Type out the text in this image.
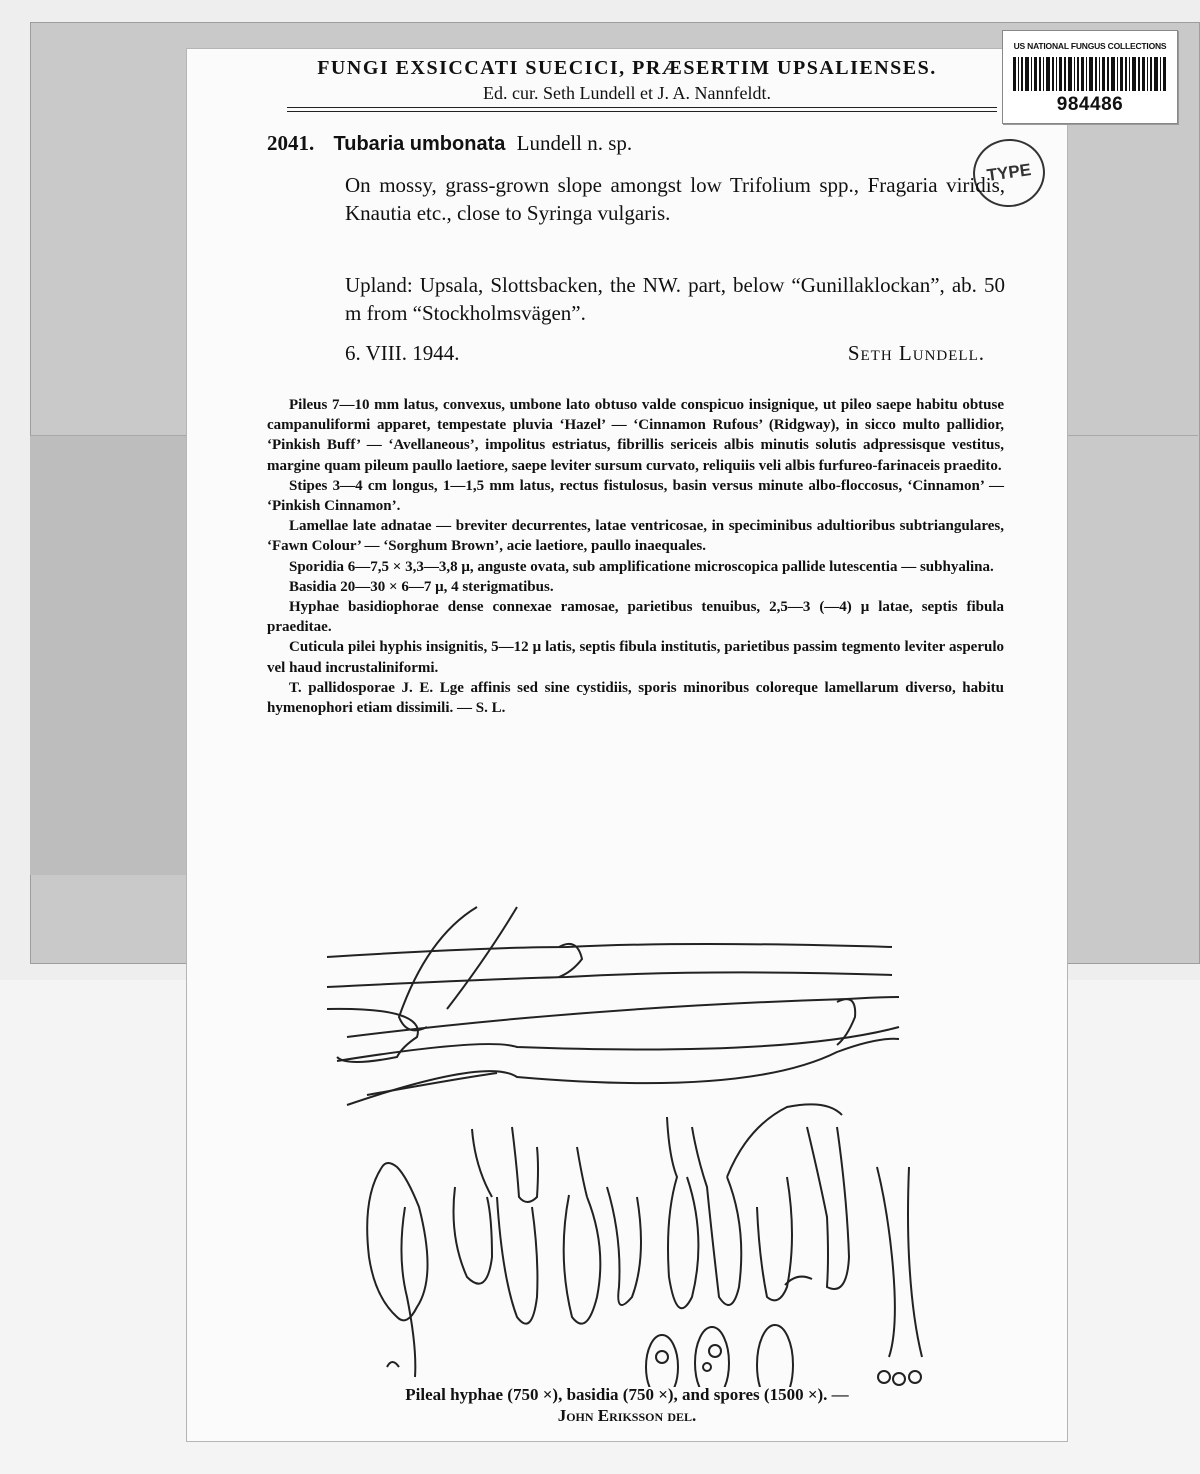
FUNGI EXSICCATI SUECICI, PRÆSERTIM UPSALIENSES.
Ed. cur. Seth Lundell et J. A. Nannfeldt.
2041. Tubaria umbonata Lundell n. sp.
TYPE
On mossy, grass-grown slope amongst low Trifolium spp., Fragaria viridis, Knautia etc., close to Syringa vulgaris.
Upland: Upsala, Slottsbacken, the NW. part, below “Gunillaklockan”, ab. 50 m from “Stockholmsvägen”.
6. VIII. 1944.	Seth Lundell.

Pileus 7—10 mm latus, convexus, umbone lato obtuso valde conspicuo insignique, ut pileo saepe habitu obtuse campanuliformi apparet, tempestate pluvia ‘Hazel’ — ‘Cinnamon Rufous’ (Ridgway), in sicco multo pallidior, ‘Pinkish Buff’ — ‘Avellaneous’, impolitus estriatus, fibrillis sericeis albis minutis solutis adpressisque vestitus, margine quam pileum paullo laetiore, saepe leviter sursum curvato, reliquiis veli albis furfureo-farinaceis praedito.

Stipes 3—4 cm longus, 1—1,5 mm latus, rectus fistulosus, basin versus minute albo-floccosus, ‘Cinnamon’ — ‘Pinkish Cinnamon’.

Lamellae late adnatae — breviter decurrentes, latae ventricosae, in speciminibus adultioribus subtriangulares, ‘Fawn Colour’ — ‘Sorghum Brown’, acie laetiore, paullo inaequales.

Sporidia 6—7,5 × 3,3—3,8 μ, anguste ovata, sub amplificatione microscopica pallide lutescentia — subhyalina.

Basidia 20—30 × 6—7 μ, 4 sterigmatibus.

Hyphae basidiophorae dense connexae ramosae, parietibus tenuibus, 2,5—3 (—4) μ latae, septis fibula praeditae.

Cuticula pilei hyphis insignitis, 5—12 μ latis, septis fibula institutis, parietibus passim tegmento leviter asperulo vel haud incrustaliniformi.

T. pallidosporae J. E. Lge affinis sed sine cystidiis, sporis minoribus coloreque lamellarum diverso, habitu hymenophori etiam dissimili. — S. L.

Pileal hyphae (750 ×), basidia (750 ×), and spores (1500 ×). —
John Eriksson del.
US NATIONAL FUNGUS COLLECTIONS
984486
